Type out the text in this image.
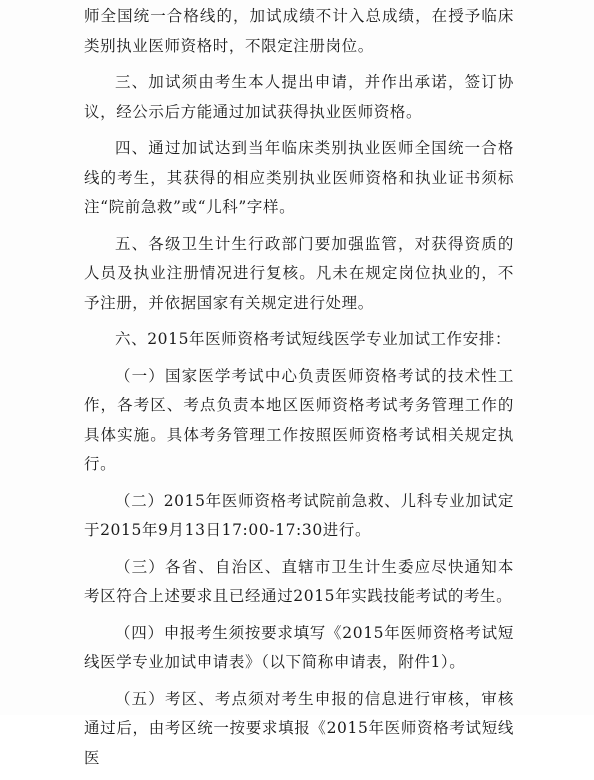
师全国统一合格线的，加试成绩不计入总成绩，在授予临床类别执业医师资格时，不限定注册岗位。

三、加试须由考生本人提出申请，并作出承诺，签订协议，经公示后方能通过加试获得执业医师资格。

四、通过加试达到当年临床类别执业医师全国统一合格线的考生，其获得的相应类别执业医师资格和执业证书须标注“院前急救”或“儿科”字样。

五、各级卫生计生行政部门要加强监管，对获得资质的人员及执业注册情况进行复核。凡未在规定岗位执业的，不予注册，并依据国家有关规定进行处理。

六、2015年医师资格考试短线医学专业加试工作安排：

（一）国家医学考试中心负责医师资格考试的技术性工作，各考区、考点负责本地区医师资格考试考务管理工作的具体实施。具体考务管理工作按照医师资格考试相关规定执行。

（二）2015年医师资格考试院前急救、儿科专业加试定于2015年9月13日17:00-17:30进行。

（三）各省、自治区、直辖市卫生计生委应尽快通知本考区符合上述要求且已经通过2015年实践技能考试的考生。

（四）申报考生须按要求填写《2015年医师资格考试短线医学专业加试申请表》（以下简称申请表，附件1）。

（五）考区、考点须对考生申报的信息进行审核，审核通过后，由考区统一按要求填报《2015年医师资格考试短线医
